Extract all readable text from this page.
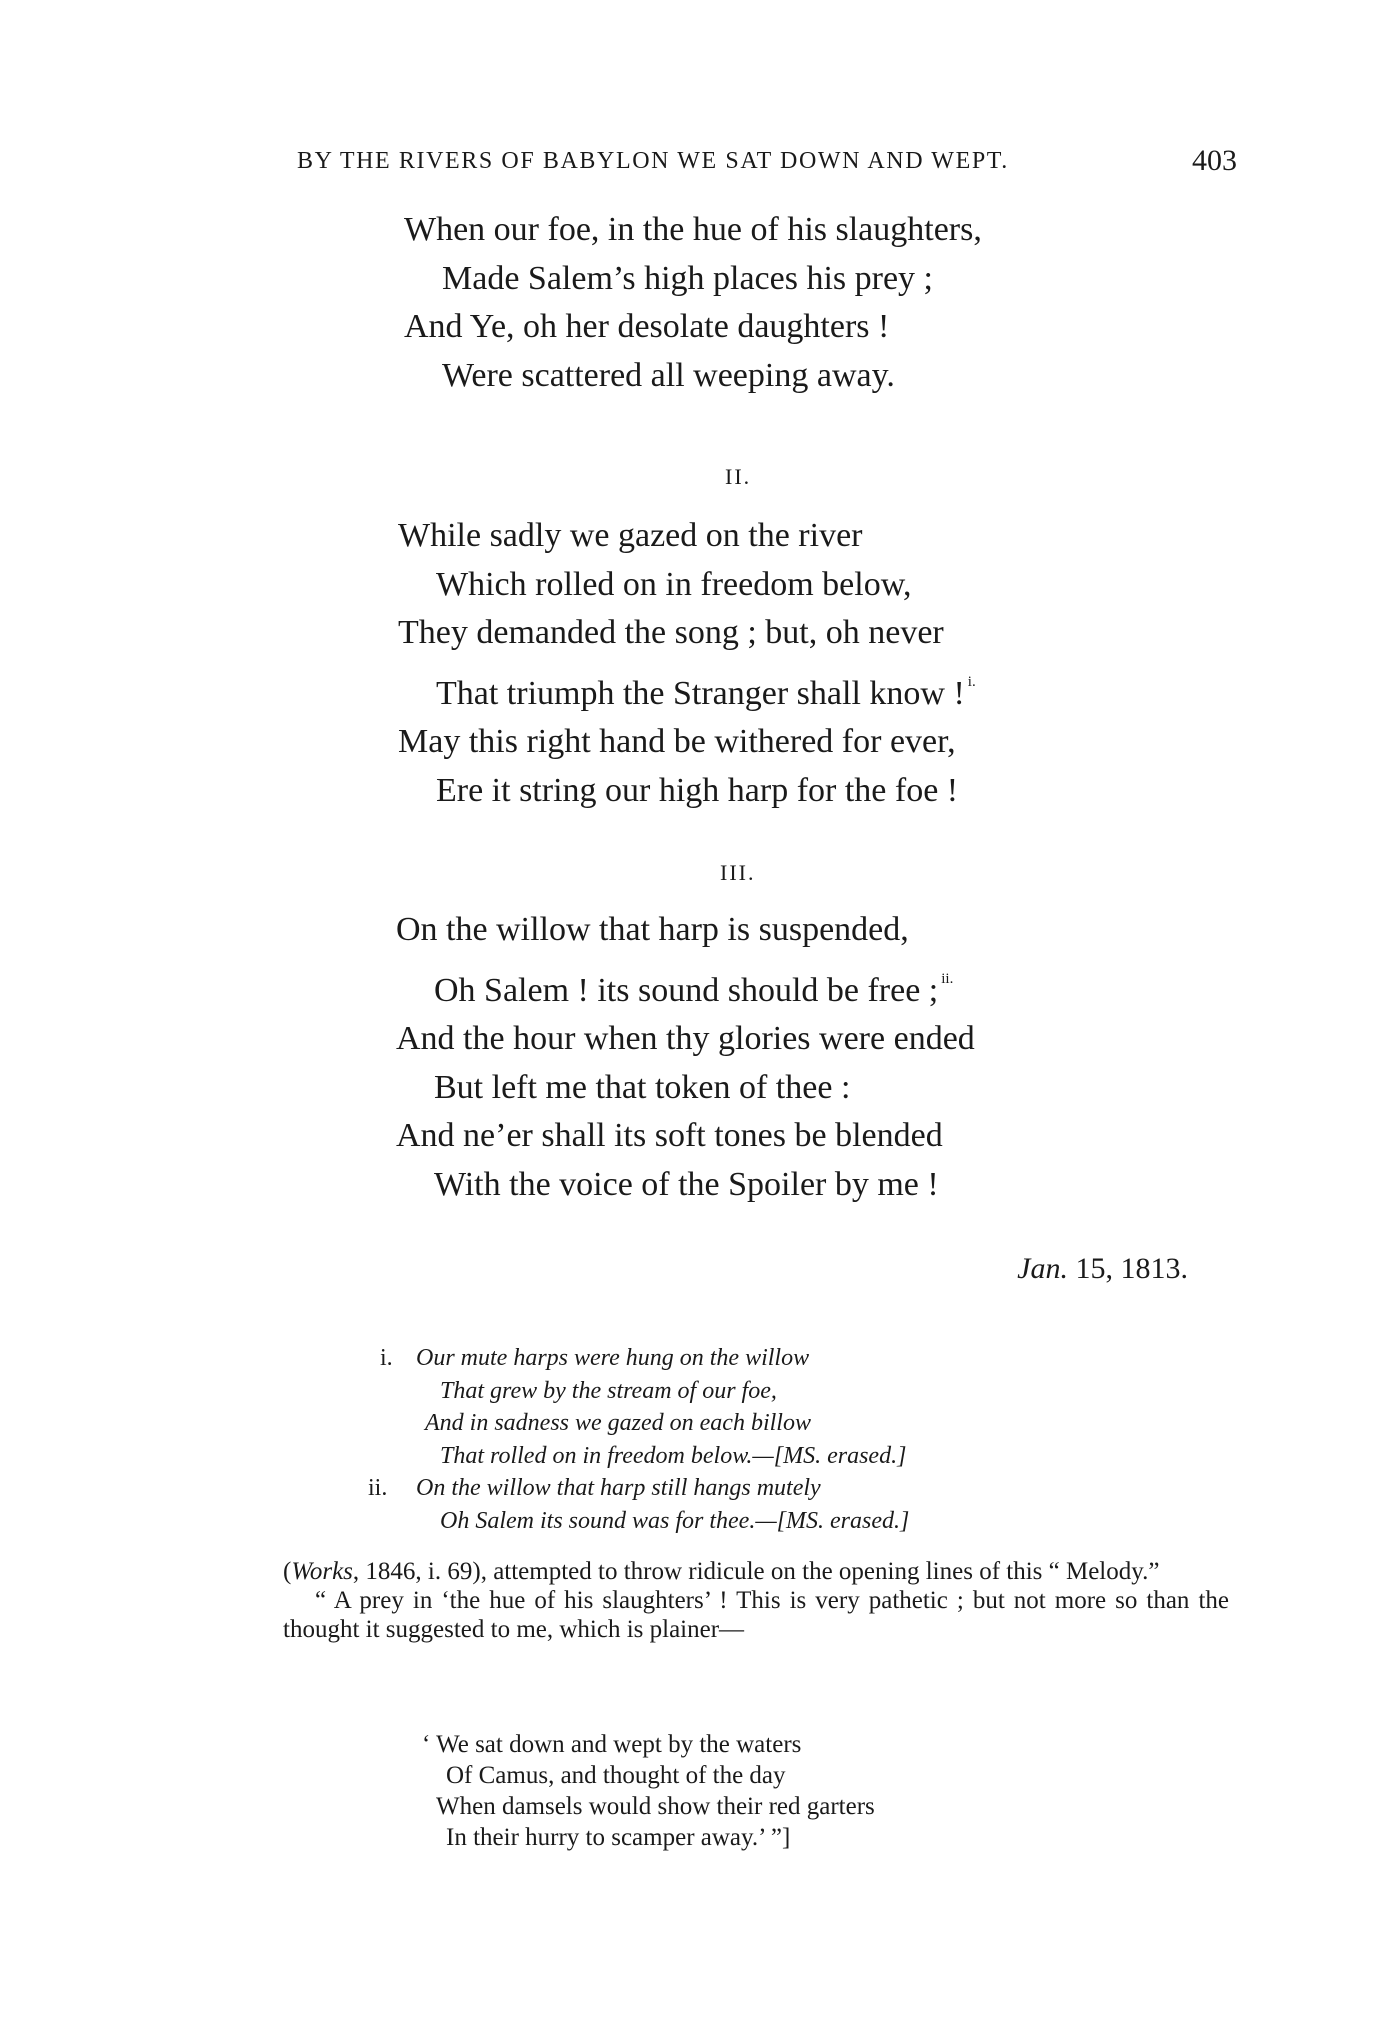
BY THE RIVERS OF BABYLON WE SAT DOWN AND WEPT.	403
When our foe, in the hue of his slaughters,
Made Salem’s high places his prey ;
And Ye, oh her desolate daughters !
Were scattered all weeping away.
II.
While sadly we gazed on the river
Which rolled on in freedom below,
They demanded the song ; but, oh never
That triumph the Stranger shall know ! $^{i.}$
May this right hand be withered for ever,
Ere it string our high harp for the foe !
III.
On the willow that harp is suspended,
Oh Salem ! its sound should be free ; $^{ii.}$
And the hour when thy glories were ended
But left me that token of thee :
And ne’er shall its soft tones be blended
With the voice of the Spoiler by me !
Jan. 15, 1813.
i. Our mute harps were hung on the willow
That grew by the stream of our foe,
And in sadness we gazed on each billow
That rolled on in freedom below.—[MS. erased.]
ii. On the willow that harp still hangs mutely
Oh Salem its sound was for thee.—[MS. erased.]

(Works, 1846, i. 69), attempted to throw ridicule on the opening lines of this “ Melody.”

“ A prey in ‘the hue of his slaughters’ ! This is very pathetic ; but not more so than the thought it suggested to me, which is plainer—

‘ We sat down and wept by the waters
Of Camus, and thought of the day
When damsels would show their red garters
In their hurry to scamper away.’ ”]
